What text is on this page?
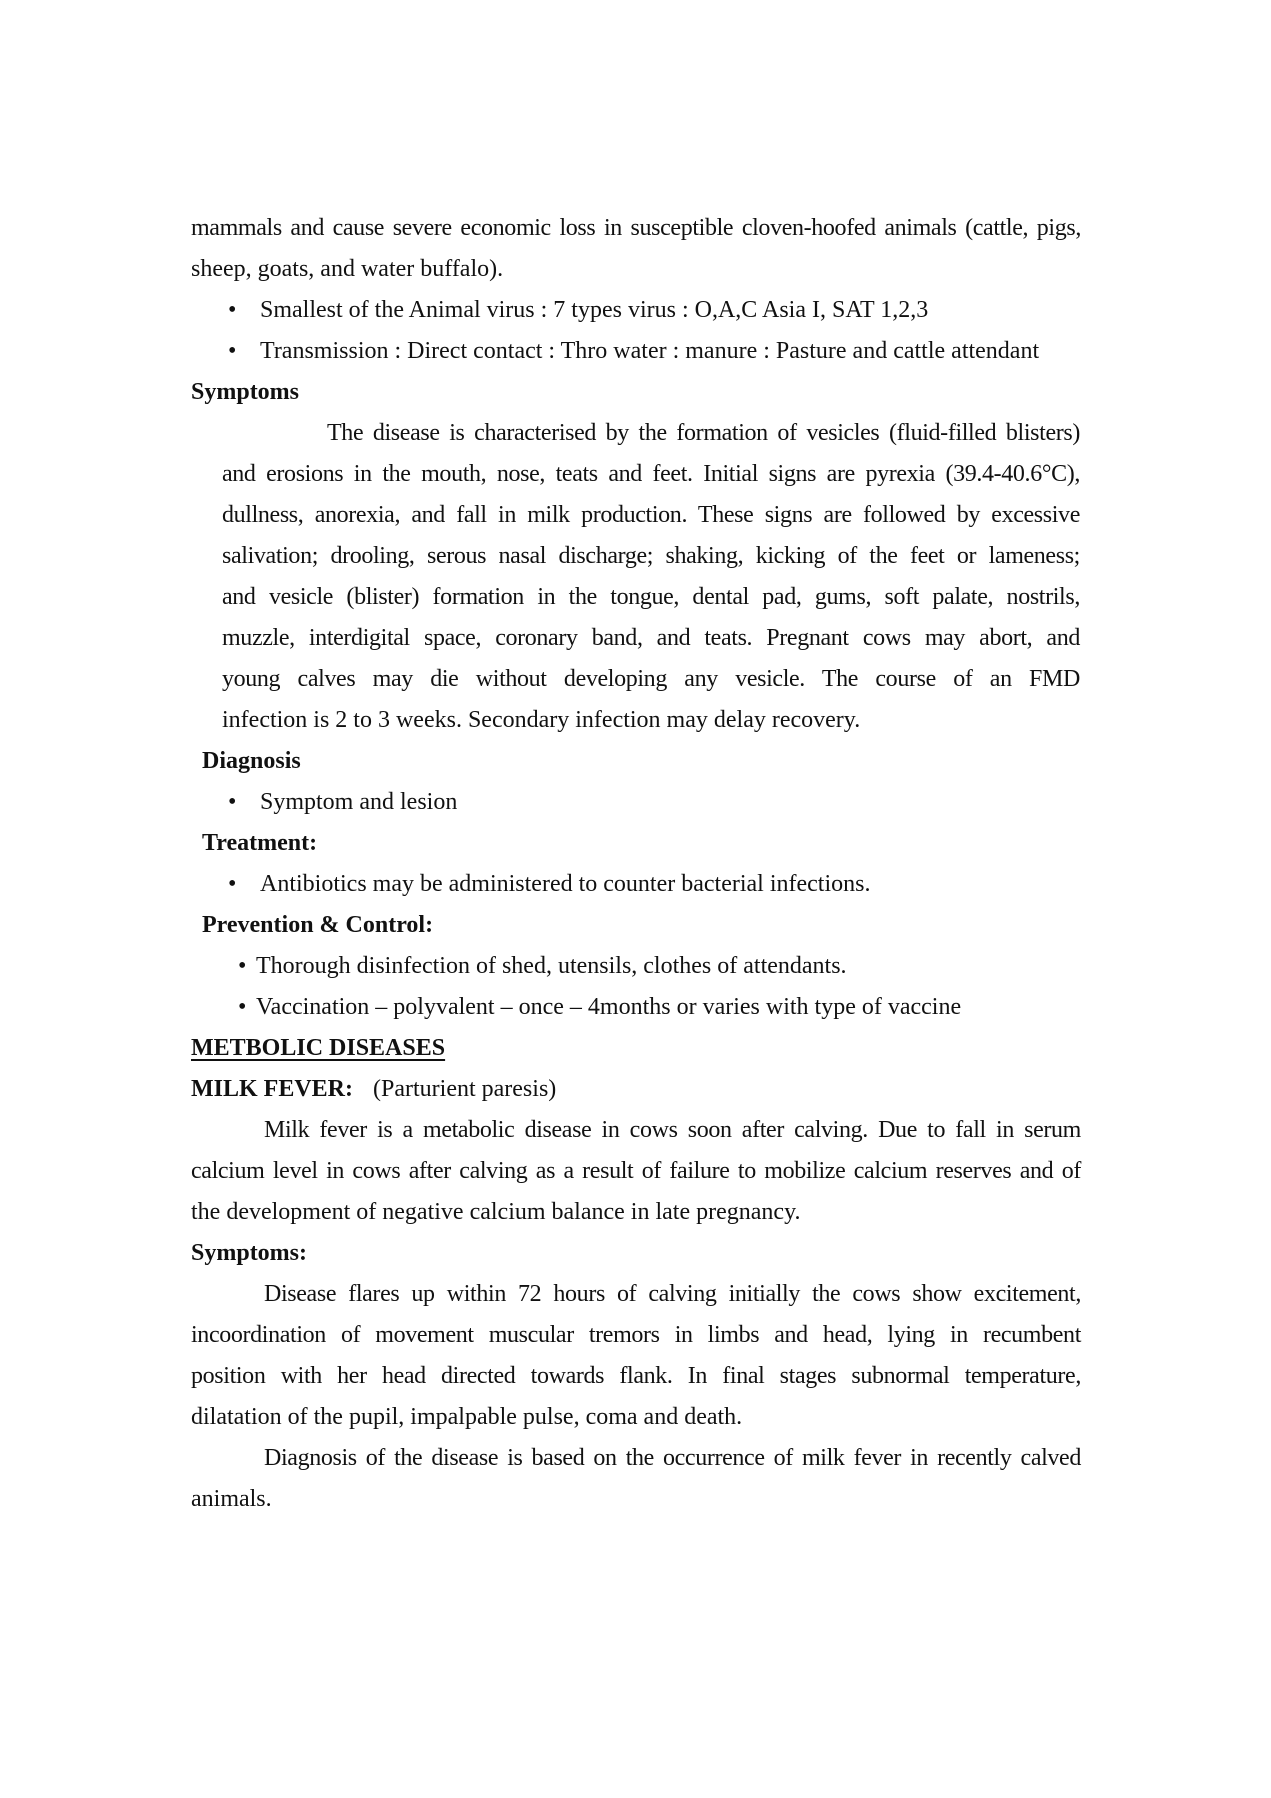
mammals and cause severe economic loss in susceptible cloven-hoofed animals (cattle, pigs,
sheep, goats, and water buffalo).
• Smallest of the Animal virus : 7 types virus : O,A,C Asia I, SAT 1,2,3
• Transmission : Direct contact : Thro water : manure : Pasture and cattle attendant
Symptoms
The disease is characterised by the formation of vesicles (fluid-filled blisters)
and erosions in the mouth, nose, teats and feet. Initial signs are pyrexia (39.4-40.6°C),
dullness, anorexia, and fall in milk production. These signs are followed by excessive
salivation; drooling, serous nasal discharge; shaking, kicking of the feet or lameness;
and vesicle (blister) formation in the tongue, dental pad, gums, soft palate, nostrils,
muzzle, interdigital space, coronary band, and teats. Pregnant cows may abort, and
young calves may die without developing any vesicle. The course of an FMD
infection is 2 to 3 weeks. Secondary infection may delay recovery.
Diagnosis
• Symptom and lesion
Treatment:
• Antibiotics may be administered to counter bacterial infections.
Prevention & Control:
• Thorough disinfection of shed, utensils, clothes of attendants.
• Vaccination – polyvalent – once – 4months or varies with type of vaccine
METBOLIC DISEASES
MILK FEVER: (Parturient paresis)
Milk fever is a metabolic disease in cows soon after calving. Due to fall in serum
calcium level in cows after calving as a result of failure to mobilize calcium reserves and of
the development of negative calcium balance in late pregnancy.
Symptoms:
Disease flares up within 72 hours of calving initially the cows show excitement,
incoordination of movement muscular tremors in limbs and head, lying in recumbent
position with her head directed towards flank. In final stages subnormal temperature,
dilatation of the pupil, impalpable pulse, coma and death.
Diagnosis of the disease is based on the occurrence of milk fever in recently calved
animals.
